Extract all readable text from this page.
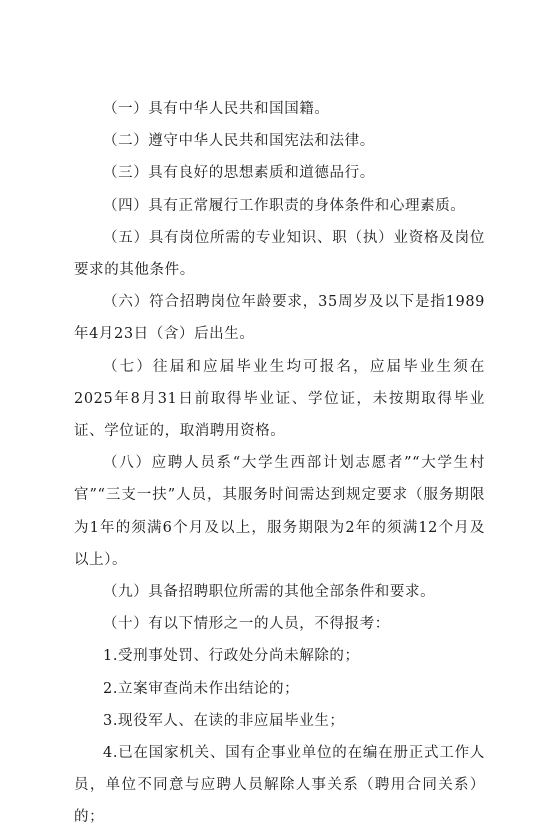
（一）具有中华人民共和国国籍。

（二）遵守中华人民共和国宪法和法律。

（三）具有良好的思想素质和道德品行。

（四）具有正常履行工作职责的身体条件和心理素质。

（五）具有岗位所需的专业知识、职（执）业资格及岗位要求的其他条件。

（六）符合招聘岗位年龄要求，35周岁及以下是指1989年4月23日（含）后出生。

（七）往届和应届毕业生均可报名，应届毕业生须在2025年8月31日前取得毕业证、学位证，未按期取得毕业证、学位证的，取消聘用资格。

（八）应聘人员系“大学生西部计划志愿者”“大学生村官”“三支一扶”人员，其服务时间需达到规定要求（服务期限为1年的须满6个月及以上，服务期限为2年的须满12个月及以上）。

（九）具备招聘职位所需的其他全部条件和要求。

（十）有以下情形之一的人员，不得报考：

1.受刑事处罚、行政处分尚未解除的；

2.立案审查尚未作出结论的；

3.现役军人、在读的非应届毕业生；

4.已在国家机关、国有企事业单位的在编在册正式工作人员，单位不同意与应聘人员解除人事关系（聘用合同关系）的；
